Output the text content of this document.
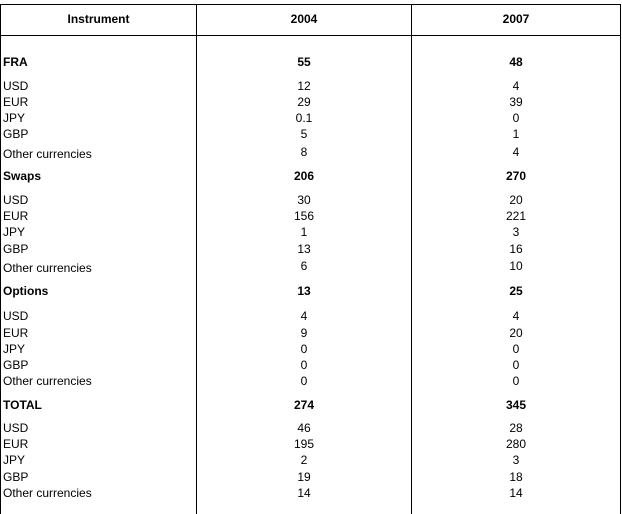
Instrument	2004	2007
FRA	55	48
USD	12	4
EUR	29	39
JPY	0.1	0
GBP	5	1
Other currencies	8	4
Swaps	206	270
USD	30	20
EUR	156	221
JPY	1	3
GBP	13	16
Other currencies	6	10
Options	13	25
USD	4	4
EUR	9	20
JPY	0	0
GBP	0	0
Other currencies	0	0
TOTAL	274	345
USD	46	28
EUR	195	280
JPY	2	3
GBP	19	18
Other currencies	14	14
